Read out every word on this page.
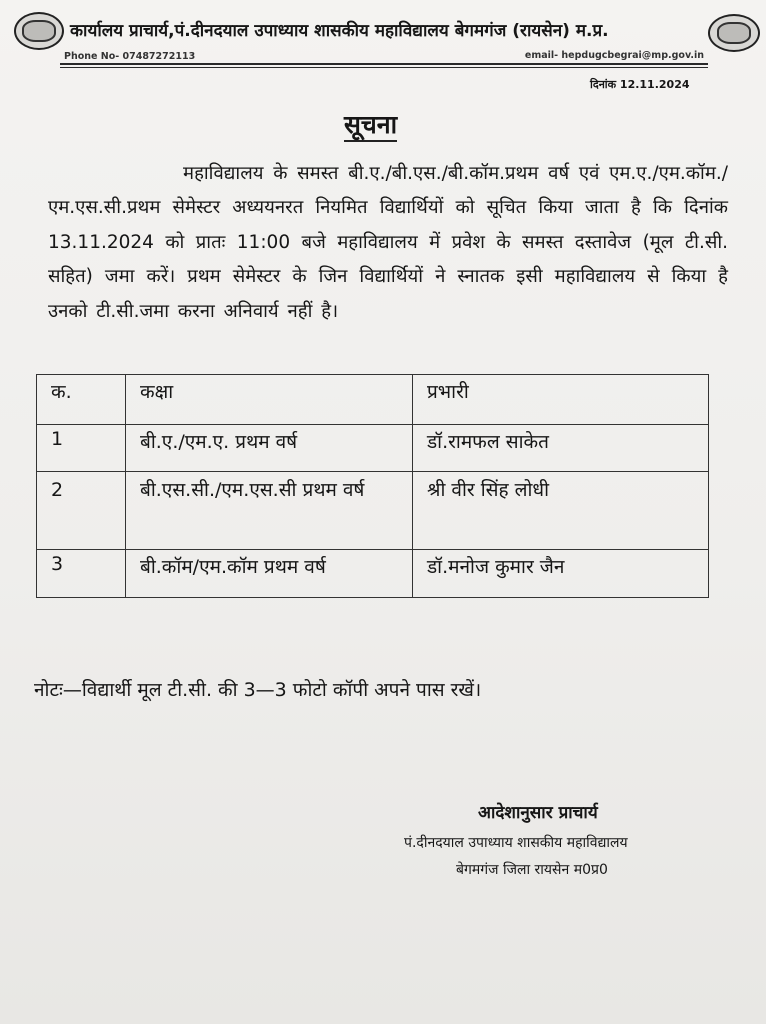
कार्यालय प्राचार्य,पं.दीनदयाल उपाध्याय शासकीय महाविद्यालय बेगमगंज (रायसेन) म.प्र.
Phone No- 07487272113	email- hepdugcbegrai@mp.gov.in
दिनांक 12.11.2024
सूचना
महाविद्यालय के समस्त बी.ए./बी.एस./बी.कॉम.प्रथम वर्ष एवं एम.ए./एम.कॉम./एम.एस.सी.प्रथम सेमेस्टर अध्ययनरत नियमित विद्यार्थियों को सूचित किया जाता है कि दिनांक 13.11.2024 को प्रातः 11:00 बजे महाविद्यालय में प्रवेश के समस्त दस्तावेज (मूल टी.सी. सहित) जमा करें। प्रथम सेमेस्टर के जिन विद्यार्थियों ने स्नातक इसी महाविद्यालय से किया है उनको टी.सी.जमा करना अनिवार्य नहीं है।
क.	कक्षा	प्रभारी
1	बी.ए./एम.ए. प्रथम वर्ष	डॉ.रामफल साकेत
2	बी.एस.सी./एम.एस.सी प्रथम वर्ष	श्री वीर सिंह लोधी
3	बी.कॉम/एम.कॉम प्रथम वर्ष	डॉ.मनोज कुमार जैन
नोटः—विद्यार्थी मूल टी.सी. की 3—3 फोटो कॉपी अपने पास रखें।
आदेशानुसार प्राचार्य
पं.दीनदयाल उपाध्याय शासकीय महाविद्यालय
बेगमगंज जिला रायसेन म0प्र0
